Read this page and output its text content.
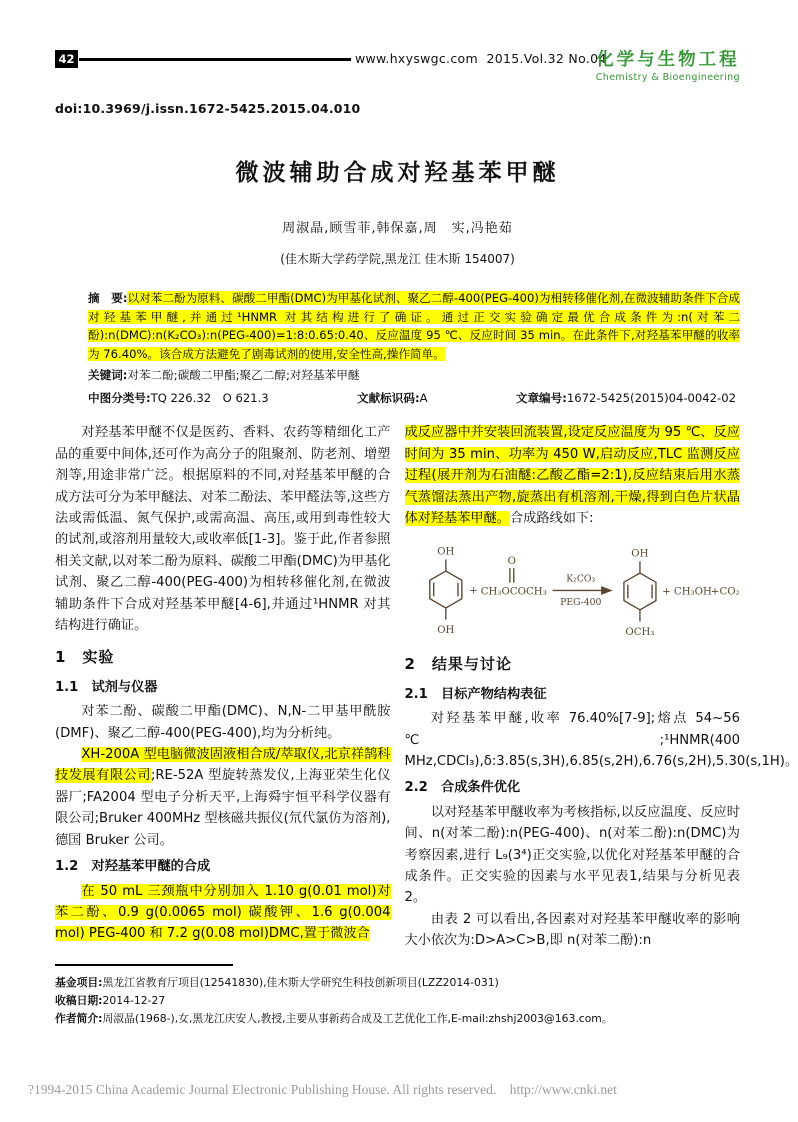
42	www.hxyswgc.com 2015.Vol.32 No.04
化学与生物工程
Chemistry & Bioengineering
doi:10.3969/j.issn.1672-5425.2015.04.010
微波辅助合成对羟基苯甲醚
周淑晶,顾雪菲,韩保嘉,周　实,冯艳茹
(佳木斯大学药学院,黑龙江 佳木斯 154007)
摘　要:以对苯二酚为原料、碳酸二甲酯(DMC)为甲基化试剂、聚乙二醇-400(PEG-400)为相转移催化剂,在微波辅助条件下合成对羟基苯甲醚,并通过¹HNMR 对其结构进行了确证。通过正交实验确定最优合成条件为:n(对苯二酚):n(DMC):n(K₂CO₃):n(PEG-400)=1:8:0.65:0.40、反应温度 95 ℃、反应时间 35 min。在此条件下,对羟基苯甲醚的收率为 76.40%。该合成方法避免了剧毒试剂的使用,安全性高,操作简单。
关键词:对苯二酚;碳酸二甲酯;聚乙二醇;对羟基苯甲醚
中图分类号:TQ 226.32　O 621.3	文献标识码:A	文章编号:1672-5425(2015)04-0042-02

对羟基苯甲醚不仅是医药、香料、农药等精细化工产品的重要中间体,还可作为高分子的阻聚剂、防老剂、增塑剂等,用途非常广泛。根据原料的不同,对羟基苯甲醚的合成方法可分为苯甲醚法、对苯二酚法、苯甲醛法等,这些方法或需低温、氮气保护,或需高温、高压,或用到毒性较大的试剂,或溶剂用量较大,或收率低[1-3]。鉴于此,作者参照相关文献,以对苯二酚为原料、碳酸二甲酯(DMC)为甲基化试剂、聚乙二醇-400(PEG-400)为相转移催化剂,在微波辅助条件下合成对羟基苯甲醚[4-6],并通过¹HNMR 对其结构进行确证。

1　实验
1.1　试剂与仪器

对苯二酚、碳酸二甲酯(DMC)、N,N-二甲基甲酰胺(DMF)、聚乙二醇-400(PEG-400),均为分析纯。

XH-200A 型电脑微波固液相合成/萃取仪,北京祥鹄科技发展有限公司;RE-52A 型旋转蒸发仪,上海亚荣生化仪器厂;FA2004 型电子分析天平,上海舜宇恒平科学仪器有限公司;Bruker 400MHz 型核磁共振仪(氘代氯仿为溶剂),德国 Bruker 公司。

1.2　对羟基苯甲醚的合成

在 50 mL 三颈瓶中分别加入 1.10 g(0.01 mol)对苯二酚、0.9 g(0.0065 mol) 碳酸钾、1.6 g(0.004 mol) PEG-400 和 7.2 g(0.08 mol)DMC,置于微波合

成反应器中并安装回流装置,设定反应温度为 95 ℃、反应时间为 35 min、功率为 450 W,启动反应,TLC 监测反应过程(展开剂为石油醚:乙酸乙酯=2:1),反应结束后用水蒸气蒸馏法蒸出产物,旋蒸出有机溶剂,干燥,得到白色片状晶体对羟基苯甲醚。合成路线如下:

OH
OH
+ CH₃OCOCH₃
O
K₂CO₃
PEG-400
OH
OCH₃
+ CH₃OH
+ CO₂
2　结果与讨论
2.1　目标产物结构表征

对羟基苯甲醚,收率 76.40%[7-9];熔点 54~56 ℃;¹HNMR(400 MHz,CDCl₃),δ:3.85(s,3H),6.85(s,2H),6.76(s,2H),5.30(s,1H)。

2.2　合成条件优化

以对羟基苯甲醚收率为考核指标,以反应温度、反应时间、n(对苯二酚):n(PEG-400)、n(对苯二酚):n(DMC)为考察因素,进行 L₉(3⁴)正交实验,以优化对羟基苯甲醚的合成条件。正交实验的因素与水平见表1,结果与分析见表 2。

由表 2 可以看出,各因素对对羟基苯甲醚收率的影响大小依次为:D>A>C>B,即 n(对苯二酚):n

基金项目:黑龙江省教育厅项目(12541830),佳木斯大学研究生科技创新项目(LZZ2014-031)
收稿日期:2014-12-27
作者简介:周淑晶(1968-),女,黑龙江庆安人,教授,主要从事新药合成及工艺优化工作,E-mail:zhshj2003@163.com。
?1994-2015 China Academic Journal Electronic Publishing House. All rights reserved.    http://www.cnki.net
